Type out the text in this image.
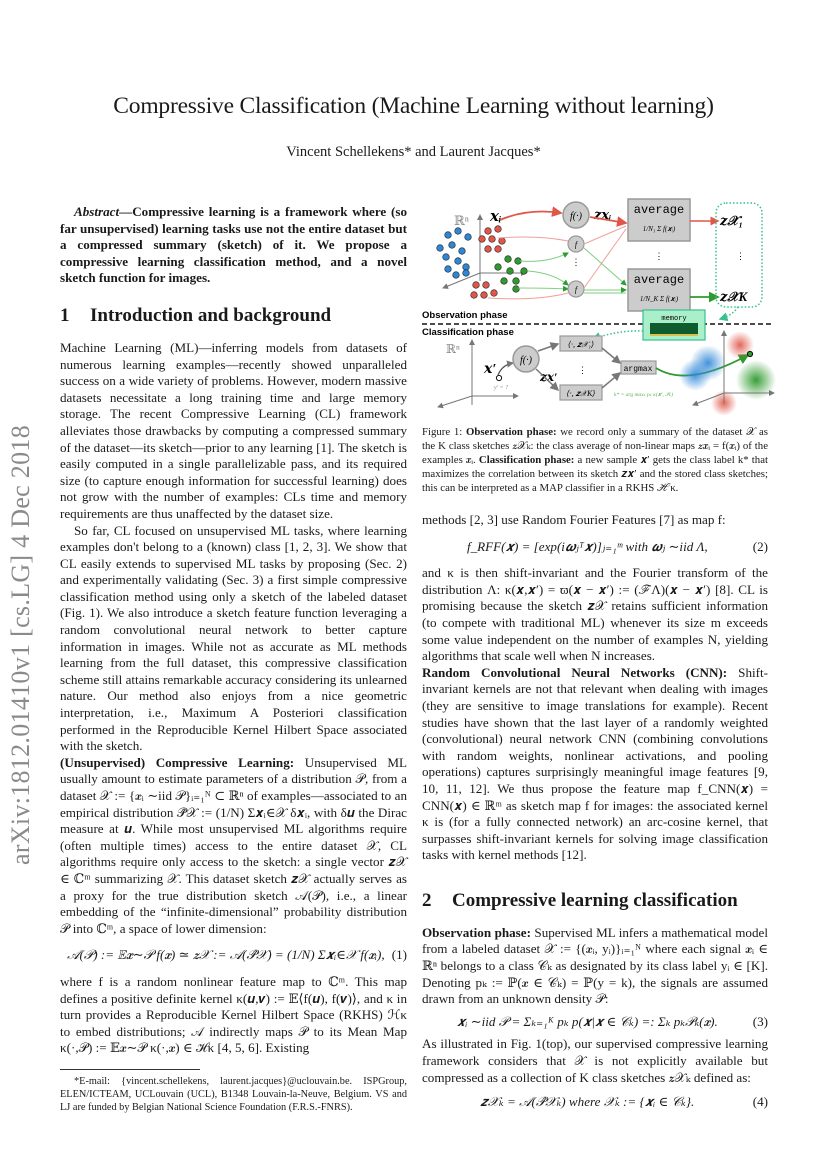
Compressive Classification (Machine Learning without learning)
Vincent Schellekens* and Laurent Jacques*
arXiv:1812.01410v1 [cs.LG] 4 Dec 2018

Abstract—Compressive learning is a framework where (so far unsupervised) learning tasks use not the entire dataset but a compressed summary (sketch) of it. We propose a compressive learning classification method, and a novel sketch function for images.

1 Introduction and background

Machine Learning (ML)—inferring models from datasets of numerous learning examples—recently showed unparalleled success on a wide variety of problems. However, modern massive datasets necessitate a long training time and large memory storage. The recent Compressive Learning (CL) framework alleviates those drawbacks by computing a compressed summary of the dataset—its sketch—prior to any learning [1]. The sketch is easily computed in a single parallelizable pass, and its required size (to capture enough information for successful learning) does not grow with the number of examples: CLs time and memory requirements are thus unaffected by the dataset size.

So far, CL focused on unsupervised ML tasks, where learning examples don't belong to a (known) class [1, 2, 3]. We show that CL easily extends to supervised ML tasks by proposing (Sec. 2) and experimentally validating (Sec. 3) a first simple compressive classification method using only a sketch of the labeled dataset (Fig. 1). We also introduce a sketch feature function leveraging a random convolutional neural network to better capture information in images. While not as accurate as ML methods learning from the full dataset, this compressive classification scheme still attains remarkable accuracy considering its unlearned nature. Our method also enjoys from a nice geometric interpretation, i.e., Maximum A Posteriori classification performed in the Reproducible Kernel Hilbert Space associated with the sketch.

(Unsupervised) Compressive Learning: Unsupervised ML usually amount to estimate parameters of a distribution 𝒫, from a dataset 𝒳 := {𝒙ᵢ ∼iid 𝒫}ᵢ₌₁ᴺ ⊂ ℝⁿ of examples—associated to an empirical distribution 𝒫̂𝒳 := (1/N) Σ𝒙ᵢ∈𝒳 δ𝒙ᵢ, with δ𝒖 the Dirac measure at 𝒖. While most unsupervised ML algorithms require (often multiple times) access to the entire dataset 𝒳, CL algorithms require only access to the sketch: a single vector 𝒛𝒳 ∈ ℂᵐ summarizing 𝒳. This dataset sketch 𝒛𝒳 actually serves as a proxy for the true distribution sketch 𝒜(𝒫), i.e., a linear embedding of the “infinite-dimensional” probability distribution 𝒫 into ℂᵐ, a space of lower dimension:

𝒜(𝒫) := 𝔼𝒙∼𝒫 f(𝒙) ≃ 𝒛𝒳 := 𝒜(𝒫̂𝒳) = (1/N) Σ𝒙ᵢ∈𝒳 f(𝒙ᵢ), (1)

where f is a random nonlinear feature map to ℂᵐ. This map defines a positive definite kernel κ(𝒖,𝒗) := 𝔼⟨f(𝒖), f(𝒗)⟩, and κ in turn provides a Reproducible Kernel Hilbert Space (RKHS) ℋκ to embed distributions; 𝒜 indirectly maps 𝒫 to its Mean Map κ(·,𝒫) := 𝔼𝒙∼𝒫 κ(·,𝒙) ∈ ℋκ [4, 5, 6]. Existing

*E-mail: {vincent.schellekens, laurent.jacques}@uclouvain.be. ISPGroup, ELEN/ICTEAM, UCLouvain (UCL), B1348 Louvain-la-Neuve, Belgium. VS and LJ are funded by Belgian National Science Foundation (F.R.S.-FNRS).

ℝⁿ 𝒙ᵢ	f(·)
f
⋮
f
𝒛𝒙ᵢ average
1/N₁ Σ f(𝒙ᵢ)
⋮
average
1/N_K Σ f(𝒙ᵢ)
𝒛𝒳₁
⋮
𝒛𝒳K
Observation phase
Classification phase
memory
ℝⁿ
𝒙′
y′ = ?
f(·)
𝒛𝒙′
⟨·, 𝒛𝒳₁⟩
⋮
⟨·, 𝒛𝒳K⟩
argmax
k* = arg maxₖ pₖ κ(𝒙′, 𝒫ₖ)
Figure 1: Observation phase: we record only a summary of the dataset 𝒳 as the K class sketches 𝒛𝒳ₖ: the class average of non-linear maps 𝒛𝒙ᵢ = f(𝒙ᵢ) of the examples 𝒙ᵢ. Classification phase: a new sample 𝒙′ gets the class label k* that maximizes the correlation between its sketch 𝒛𝒙′ and the stored class sketches; this can be interpreted as a MAP classifier in a RKHS ℋκ.

methods [2, 3] use Random Fourier Features [7] as map f:

f_RFF(𝒙) = [exp(i𝝎ⱼᵀ𝒙)]ⱼ₌₁ᵐ with 𝝎ⱼ ∼iid Λ,	(2)

and κ is then shift-invariant and the Fourier transform of the distribution Λ: κ(𝒙,𝒙′) = ϖ(𝒙 − 𝒙′) := (ℱΛ)(𝒙 − 𝒙′) [8]. CL is promising because the sketch 𝒛𝒳 retains sufficient information (to compete with traditional ML) whenever its size m exceeds some value independent on the number of examples N, yielding algorithms that scale well when N increases.

Random Convolutional Neural Networks (CNN): Shift-invariant kernels are not that relevant when dealing with images (they are sensitive to image translations for example). Recent studies have shown that the last layer of a randomly weighted (convolutional) neural network CNN (combining convolutions with random weights, nonlinear activations, and pooling operations) captures surprisingly meaningful image features [9, 10, 11, 12]. We thus propose the feature map f_CNN(𝒙) = CNN(𝒙) ∈ ℝᵐ as sketch map f for images: the associated kernel κ is (for a fully connected network) an arc-cosine kernel, that surpasses shift-invariant kernels for solving image classification tasks with kernel methods [12].

2 Compressive learning classification

Observation phase: Supervised ML infers a mathematical model from a labeled dataset 𝒳 := {(𝒙ᵢ, yᵢ)}ᵢ₌₁ᴺ where each signal 𝒙ᵢ ∈ ℝⁿ belongs to a class 𝒞ₖ as designated by its class label yᵢ ∈ [K]. Denoting pₖ := ℙ(𝒙 ∈ 𝒞ₖ) = ℙ(y = k), the signals are assumed drawn from an unknown density 𝒫:

𝒙ᵢ ∼iid 𝒫 = Σₖ₌₁ᴷ pₖ p(𝒙|𝒙 ∈ 𝒞ₖ) =: Σₖ pₖ𝒫ₖ(𝒙).	(3)

As illustrated in Fig. 1(top), our supervised compressive learning framework considers that 𝒳 is not explicitly available but compressed as a collection of K class sketches 𝒛𝒳ₖ defined as:

𝒛𝒳ₖ = 𝒜(𝒫̂𝒳ₖ) where 𝒳ₖ := {𝒙ᵢ ∈ 𝒞ₖ}.	(4)
